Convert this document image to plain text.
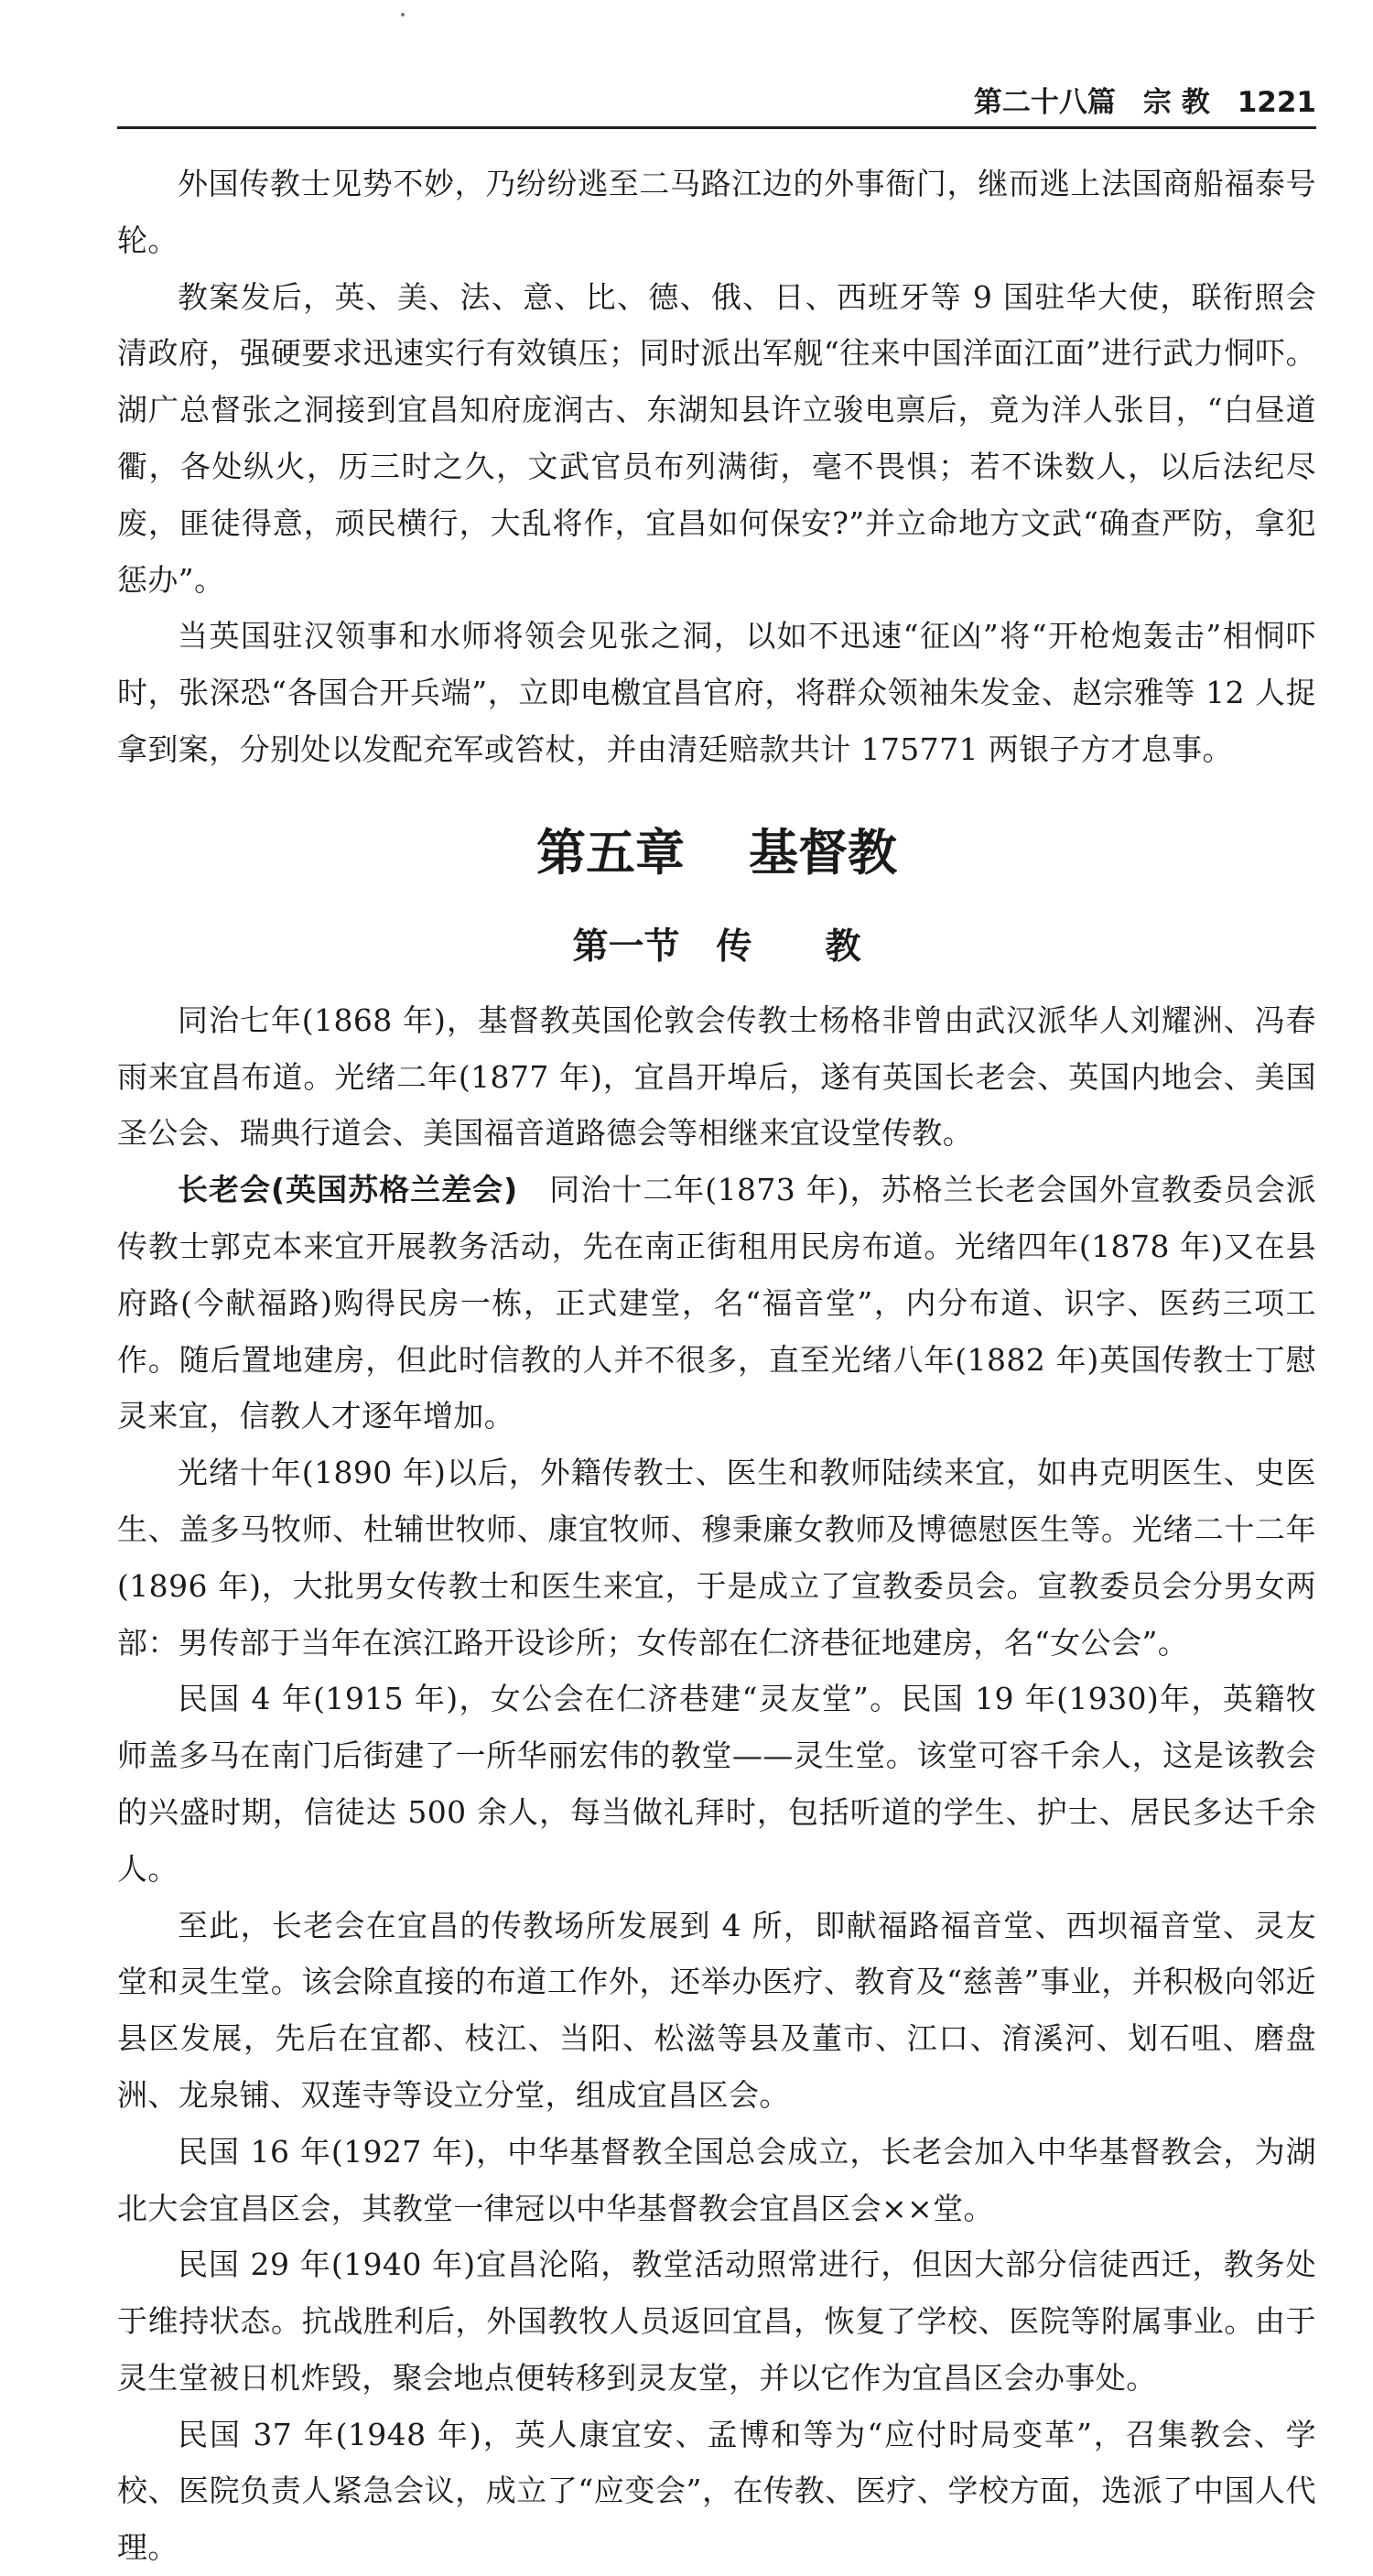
第二十八篇 宗 教 1221

外国传教士见势不妙，乃纷纷逃至二马路江边的外事衙门，继而逃上法国商船福泰号轮。

教案发后，英、美、法、意、比、德、俄、日、西班牙等 9 国驻华大使，联衔照会清政府，强硬要求迅速实行有效镇压；同时派出军舰“往来中国洋面江面”进行武力恫吓。湖广总督张之洞接到宜昌知府庞润古、东湖知县许立骏电禀后，竟为洋人张目，“白昼道衢，各处纵火，历三时之久，文武官员布列满街，毫不畏惧；若不诛数人，以后法纪尽废，匪徒得意，顽民横行，大乱将作，宜昌如何保安?”并立命地方文武“确查严防，拿犯惩办”。

当英国驻汉领事和水师将领会见张之洞，以如不迅速“征凶”将“开枪炮轰击”相恫吓时，张深恐“各国合开兵端”，立即电檄宜昌官府，将群众领袖朱发金、赵宗雅等 12 人捉拿到案，分别处以发配充军或笞杖，并由清廷赔款共计 175771 两银子方才息事。

第五章 基督教
第一节 传 教

同治七年(1868 年)，基督教英国伦敦会传教士杨格非曾由武汉派华人刘耀洲、冯春雨来宜昌布道。光绪二年(1877 年)，宜昌开埠后，遂有英国长老会、英国内地会、美国圣公会、瑞典行道会、美国福音道路德会等相继来宜设堂传教。

长老会(英国苏格兰差会)　 同治十二年(1873 年)，苏格兰长老会国外宣教委员会派传教士郭克本来宜开展教务活动，先在南正街租用民房布道。光绪四年(1878 年)又在县府路(今献福路)购得民房一栋，正式建堂，名“福音堂”，内分布道、识字、医药三项工作。随后置地建房，但此时信教的人并不很多，直至光绪八年(1882 年)英国传教士丁慰灵来宜，信教人才逐年增加。

光绪十年(1890 年)以后，外籍传教士、医生和教师陆续来宜，如冉克明医生、史医生、盖多马牧师、杜辅世牧师、康宜牧师、穆秉廉女教师及博德慰医生等。光绪二十二年(1896 年)，大批男女传教士和医生来宜，于是成立了宣教委员会。宣教委员会分男女两部：男传部于当年在滨江路开设诊所；女传部在仁济巷征地建房，名“女公会”。

民国 4 年(1915 年)，女公会在仁济巷建“灵友堂”。民国 19 年(1930)年，英籍牧师盖多马在南门后街建了一所华丽宏伟的教堂——灵生堂。该堂可容千余人，这是该教会的兴盛时期，信徒达 500 余人，每当做礼拜时，包括听道的学生、护士、居民多达千余人。

至此，长老会在宜昌的传教场所发展到 4 所，即献福路福音堂、西坝福音堂、灵友堂和灵生堂。该会除直接的布道工作外，还举办医疗、教育及“慈善”事业，并积极向邻近县区发展，先后在宜都、枝江、当阳、松滋等县及董市、江口、淯溪河、划石咀、磨盘洲、龙泉铺、双莲寺等设立分堂，组成宜昌区会。

民国 16 年(1927 年)，中华基督教全国总会成立，长老会加入中华基督教会，为湖北大会宜昌区会，其教堂一律冠以中华基督教会宜昌区会××堂。

民国 29 年(1940 年)宜昌沦陷，教堂活动照常进行，但因大部分信徒西迁，教务处于维持状态。抗战胜利后，外国教牧人员返回宜昌，恢复了学校、医院等附属事业。由于灵生堂被日机炸毁，聚会地点便转移到灵友堂，并以它作为宜昌区会办事处。

民国 37 年(1948 年)，英人康宜安、孟博和等为“应付时局变革”，召集教会、学校、医院负责人紧急会议，成立了“应变会”，在传教、医疗、学校方面，选派了中国人代理。
